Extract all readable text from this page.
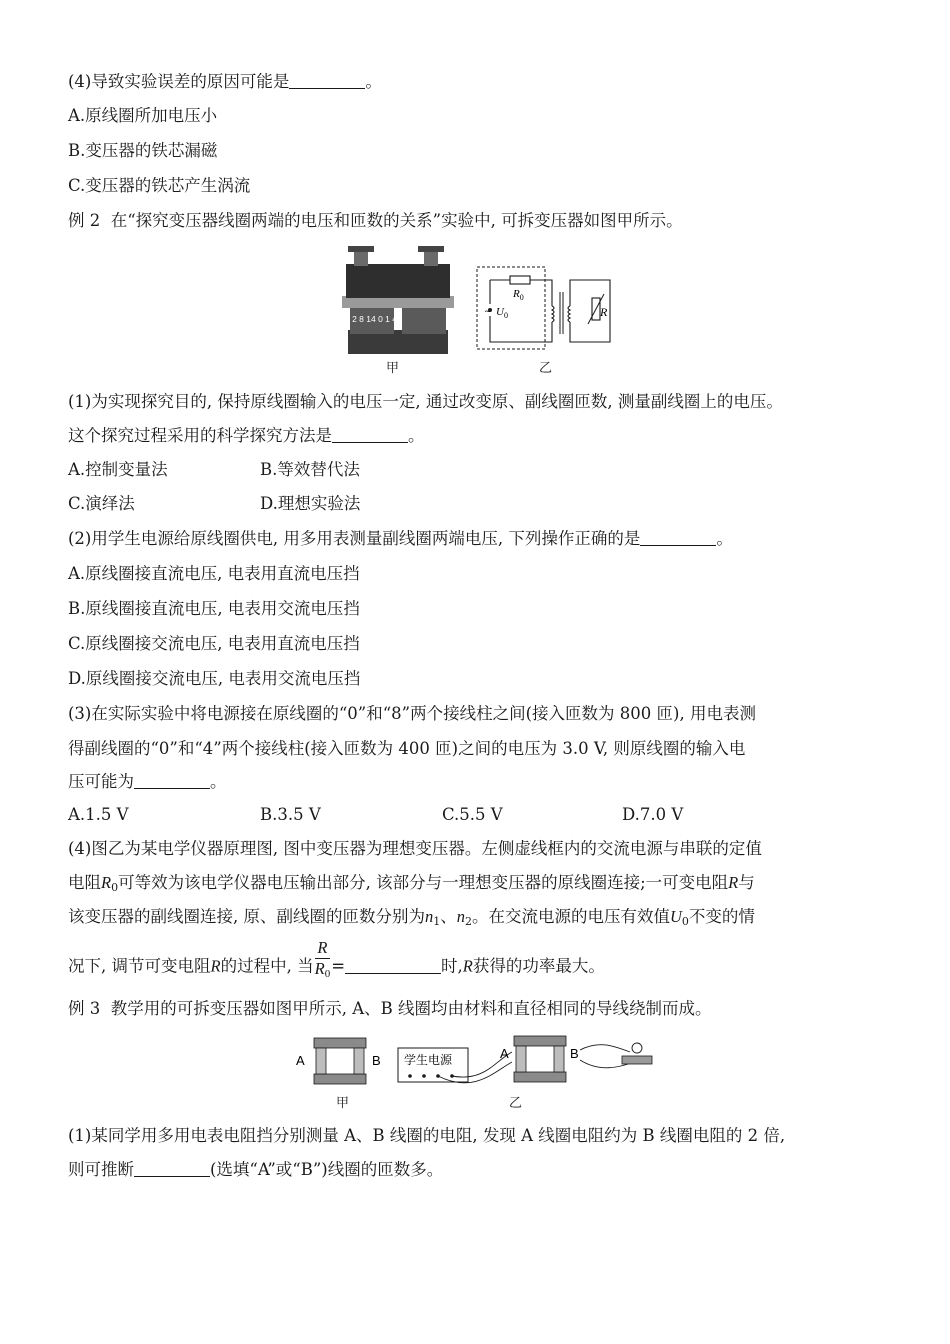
(4)导致实验误差的原因可能是	。
A.原线圈所加电压小
B.变压器的铁芯漏磁
C.变压器的铁芯产生涡流
例 2 在“探究变压器线圈两端的电压和匝数的关系”实验中, 可拆变压器如图甲所示。
0 2 8 14 0 1 4
甲
$R_0$
~ $U_0$	R
乙
(1)为实现探究目的, 保持原线圈输入的电压一定, 通过改变原、副线圈匝数, 测量副线圈上的电压。
这个探究过程采用的科学探究方法是	。
A.控制变量法	B.等效替代法
C.演绎法	D.理想实验法
(2)用学生电源给原线圈供电, 用多用表测量副线圈两端电压, 下列操作正确的是	。
A.原线圈接直流电压, 电表用直流电压挡
B.原线圈接直流电压, 电表用交流电压挡
C.原线圈接交流电压, 电表用直流电压挡
D.原线圈接交流电压, 电表用交流电压挡
(3)在实际实验中将电源接在原线圈的“0”和“8”两个接线柱之间(接入匝数为 800 匝), 用电表测
得副线圈的“0”和“4”两个接线柱(接入匝数为 400 匝)之间的电压为 3.0 V, 则原线圈的输入电
压可能为	。
A.1.5 V	B.3.5 V	C.5.5 V	D.7.0 V
(4)图乙为某电学仪器原理图, 图中变压器为理想变压器。左侧虚线框内的交流电源与串联的定值
电阻$R_0$可等效为该电学仪器电压输出部分, 该部分与一理想变压器的原线圈连接;一可变电阻R与
该变压器的副线圈连接, 原、副线圈的匝数分别为$n_1$、$n_2$。在交流电源的电压有效值$U_0$不变的情
况下, 调节可变电阻R的过程中, 当 $\frac{R}{R_0}$ =	时,R获得的功率最大。
例 3 教学用的可拆变压器如图甲所示, A、B 线圈均由材料和直径相同的导线绕制而成。
A	B
甲
学生电源	A	B
乙
(1)某同学用多用电表电阻挡分别测量 A、B 线圈的电阻, 发现 A 线圈电阻约为 B 线圈电阻的 2 倍,
则可推断	(选填“A”或“B”)线圈的匝数多。
